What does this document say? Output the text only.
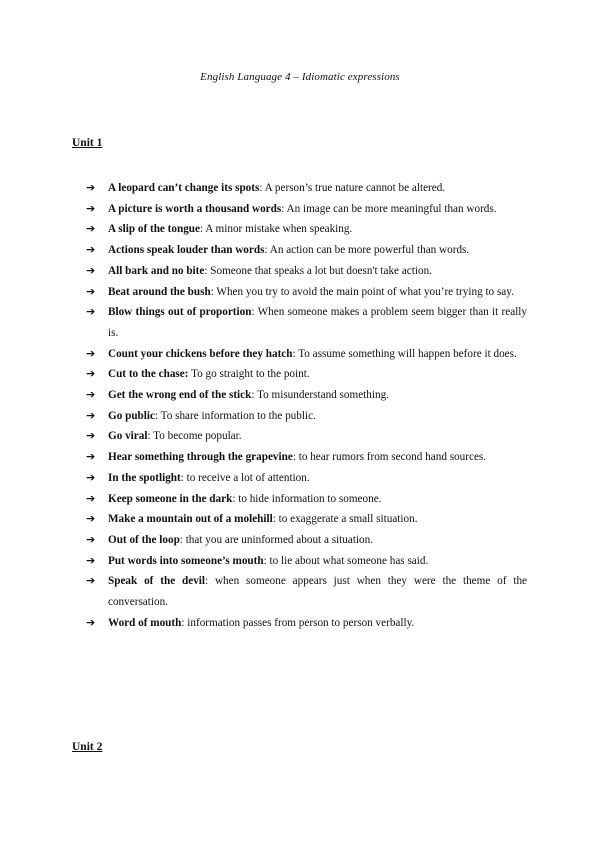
English Language 4 – Idiomatic expressions
Unit 1
➔	A leopard can’t change its spots: A person’s true nature cannot be altered.
➔	A picture is worth a thousand words: An image can be more meaningful than words.
➔	A slip of the tongue: A minor mistake when speaking.
➔	Actions speak louder than words: An action can be more powerful than words.
➔	All bark and no bite: Someone that speaks a lot but doesn't take action.
➔	Beat around the bush: When you try to avoid the main point of what you’re trying to say.
➔	Blow things out of proportion: When someone makes a problem seem bigger than it really is.
➔	Count your chickens before they hatch: To assume something will happen before it does.
➔	Cut to the chase: To go straight to the point.
➔	Get the wrong end of the stick: To misunderstand something.
➔	Go public: To share information to the public.
➔	Go viral: To become popular.
➔	Hear something through the grapevine: to hear rumors from second hand sources.
➔	In the spotlight: to receive a lot of attention.
➔	Keep someone in the dark: to hide information to someone.
➔	Make a mountain out of a molehill: to exaggerate a small situation.
➔	Out of the loop: that you are uninformed about a situation.
➔	Put words into someone’s mouth: to lie about what someone has said.
➔	Speak of the devil: when someone appears just when they were the theme of the conversation.
➔	Word of mouth: information passes from person to person verbally.
Unit 2
